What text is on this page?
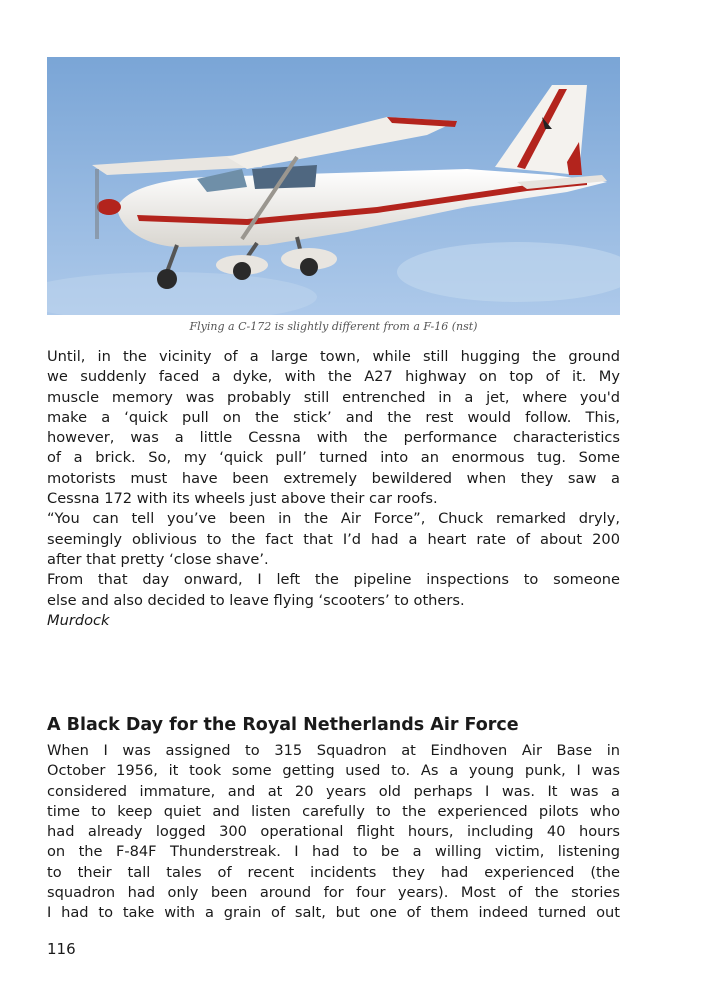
Flying a C-172 is slightly different from a F-16 (nst)
Until, in the vicinity of a large town, while still hugging the ground
we suddenly faced a dyke, with the A27 highway on top of it. My
muscle memory was probably still entrenched in a jet, where you'd
make a ‘quick pull on the stick’ and the rest would follow. This,
however, was a little Cessna with the performance characteristics
of a brick. So, my ‘quick pull’ turned into an enormous tug. Some
motorists must have been extremely bewildered when they saw a
Cessna 172 with its wheels just above their car roofs.
“You can tell you’ve been in the Air Force”, Chuck remarked dryly,
seemingly oblivious to the fact that I’d had a heart rate of about 200
after that pretty ‘close shave’.
From that day onward, I left the pipeline inspections to someone
else and also decided to leave flying ‘scooters’ to others.
Murdock
A Black Day for the Royal Netherlands Air Force
When I was assigned to 315 Squadron at Eindhoven Air Base in
October 1956, it took some getting used to. As a young punk, I was
considered immature, and at 20 years old perhaps I was. It was a
time to keep quiet and listen carefully to the experienced pilots who
had already logged 300 operational flight hours, including 40 hours
on the F-84F Thunderstreak. I had to be a willing victim, listening
to their tall tales of recent incidents they had experienced (the
squadron had only been around for four years). Most of the stories
I had to take with a grain of salt, but one of them indeed turned out
116
